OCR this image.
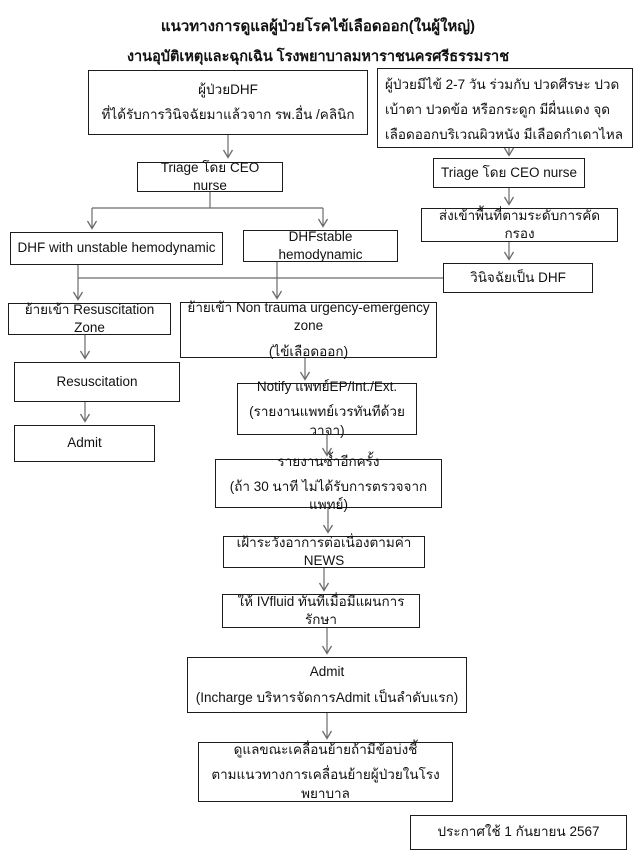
แนวทางการดูแลผู้ป่วยโรคไข้เลือดออก(ในผู้ใหญ่)
งานอุบัติเหตุและฉุกเฉิน โรงพยาบาลมหาราชนครศรีธรรมราช
ผู้ป่วยDHF
ที่ได้รับการวินิจฉัยมาแล้วจาก รพ.อื่น /คลินิก
ผู้ป่วยมีไข้ 2-7 วัน ร่วมกับ ปวดศีรษะ ปวดเบ้าตา ปวดข้อ หรือกระดูก มีผื่นแดง จุดเลือดออกบริเวณผิวหนัง มีเลือดกำเดาไหล
Triage โดย CEO nurse
Triage โดย CEO nurse
ส่งเข้าพื้นที่ตามระดับการคัดกรอง
DHF with unstable hemodynamic
DHFstable hemodynamic
วินิจฉัยเป็น DHF
ย้ายเข้า Resuscitation Zone
ย้ายเข้า Non trauma urgency-emergency zone
(ไข้เลือดออก)
Resuscitation
Admit
Notify แพทย์EP/Int./Ext.
(รายงานแพทย์เวรทันทีด้วยวาจา)
รายงานซ้ำอีกครั้ง
(ถ้า 30 นาที ไม่ได้รับการตรวจจากแพทย์)
เฝ้าระวังอาการต่อเนื่องตามค่า NEWS
ให้ IVfluid ทันทีเมื่อมีแผนการรักษา
Admit
(Incharge บริหารจัดการAdmit เป็นลำดับแรก)
ดูแลขณะเคลื่อนย้ายถ้ามีข้อบ่งชี้
ตามแนวทางการเคลื่อนย้ายผู้ป่วยในโรงพยาบาล
ประกาศใช้ 1 กันยายน 2567
